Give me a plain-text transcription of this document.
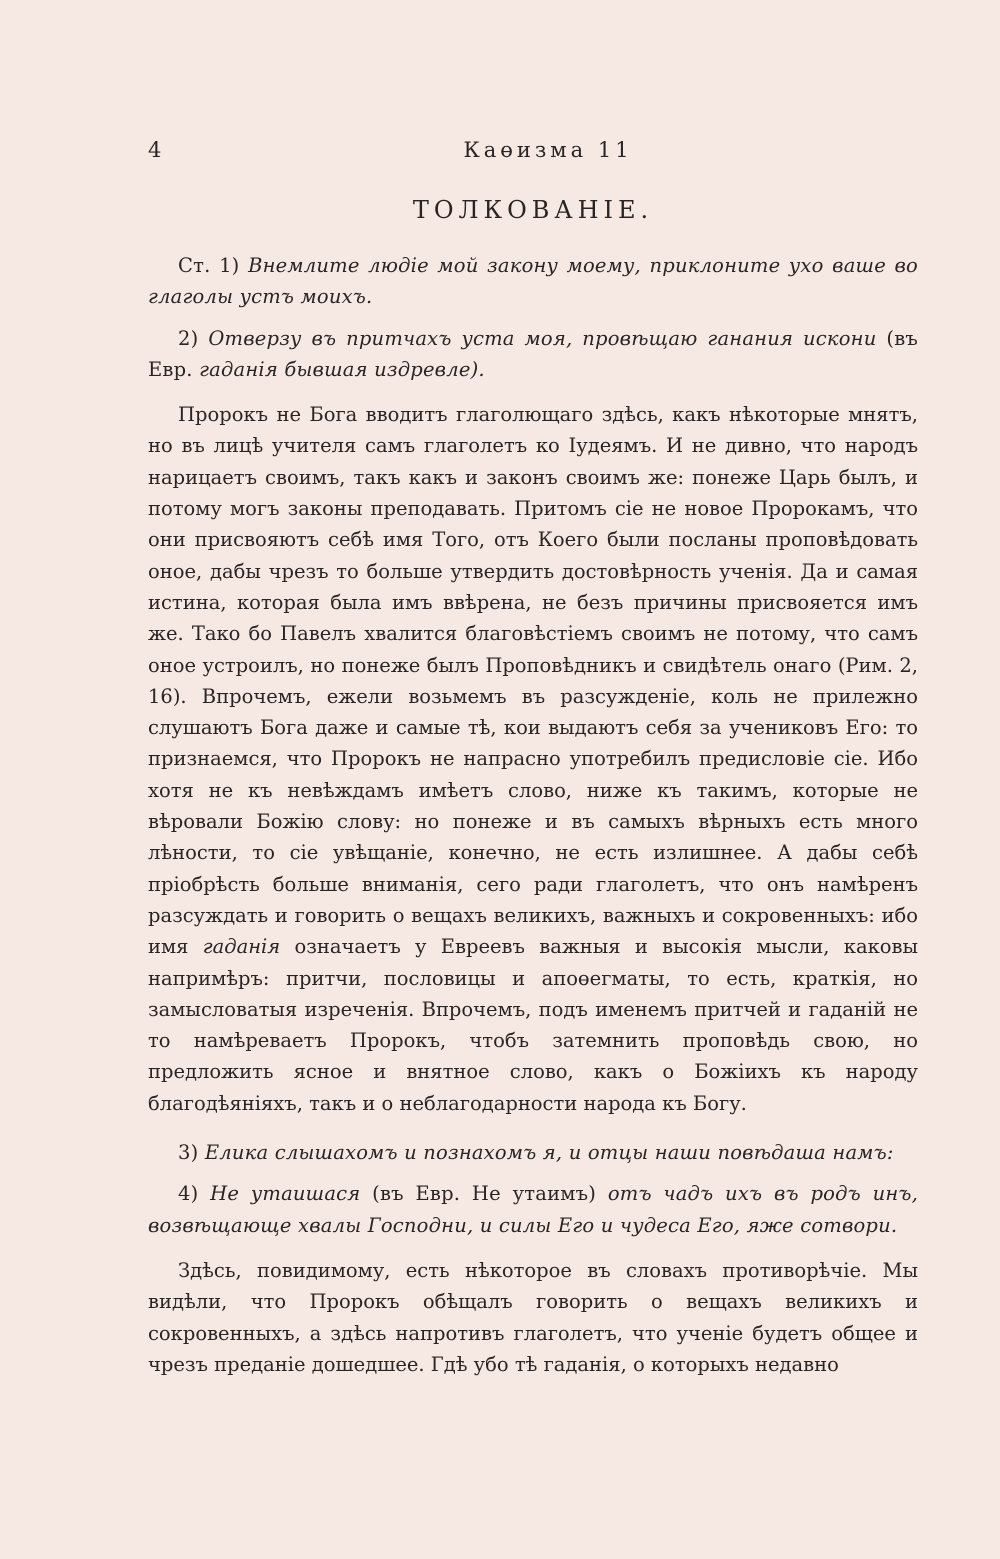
4	Каөизма 11
ТОЛКОВАНІЕ.

Ст. 1) Внемлите людіе мой закону моему, приклоните ухо ваше во глаголы устъ моихъ.

2) Отверзу въ притчахъ уста моя, провѣщаю ганания искони (въ Евр. гаданія бывшая издревле).

Пророкъ не Бога вводитъ глаголющаго здѣсь, какъ нѣкоторые мнятъ, но въ лицѣ учителя самъ глаголетъ ко Іудеямъ. И не дивно, что народъ нарицаетъ своимъ, такъ какъ и законъ своимъ же: понеже Царь былъ, и потому могъ законы преподавать. Притомъ сіе не новое Пророкамъ, что они присвояютъ себѣ имя Того, отъ Коего были посланы проповѣдовать оное, дабы чрезъ то больше утвердить достовѣрность ученія. Да и самая истина, которая была имъ ввѣрена, не безъ причины присвояется имъ же. Тако бо Павелъ хвалится благовѣстіемъ своимъ не потому, что самъ оное устроилъ, но понеже былъ Проповѣдникъ и свидѣтель онаго (Рим. 2, 16). Впрочемъ, ежели возьмемъ въ разсужденіе, коль не прилежно слушаютъ Бога даже и самые тѣ, кои выдаютъ себя за учениковъ Его: то признаемся, что Пророкъ не напрасно употребилъ предисловіе сіе. Ибо хотя не къ невѣждамъ имѣетъ слово, ниже къ такимъ, которые не вѣровали Божію слову: но понеже и въ самыхъ вѣрныхъ есть много лѣности, то сіе увѣщаніе, конечно, не есть излишнее. А дабы себѣ пріобрѣсть больше вниманія, сего ради глаголетъ, что онъ намѣренъ разсуждать и говорить о вещахъ великихъ, важныхъ и сокровенныхъ: ибо имя гаданія означаетъ у Евреевъ важныя и высокія мысли, каковы напримѣръ: притчи, пословицы и апоөегматы, то есть, краткія, но замысловатыя изреченія. Впрочемъ, подъ именемъ притчей и гаданій не то намѣреваетъ Пророкъ, чтобъ затемнить проповѣдь свою, но предложить ясное и внятное слово, какъ о Божіихъ къ народу благодѣяніяхъ, такъ и о неблагодарности народа къ Богу.

3) Елика слышахомъ и познахомъ я, и отцы наши повѣдаша намъ:

4) Не утаишася (въ Евр. Не утаимъ) отъ чадъ ихъ въ родъ инъ, возвѣщающе хвалы Господни, и силы Его и чудеса Его, яже сотвори.

Здѣсь, повидимому, есть нѣкоторое въ словахъ противорѣчіе. Мы видѣли, что Пророкъ обѣщалъ говорить о вещахъ великихъ и сокровенныхъ, а здѣсь напротивъ глаголетъ, что ученіе будетъ общее и чрезъ преданіе дошедшее. Гдѣ убо тѣ гаданія, о которыхъ недавно
